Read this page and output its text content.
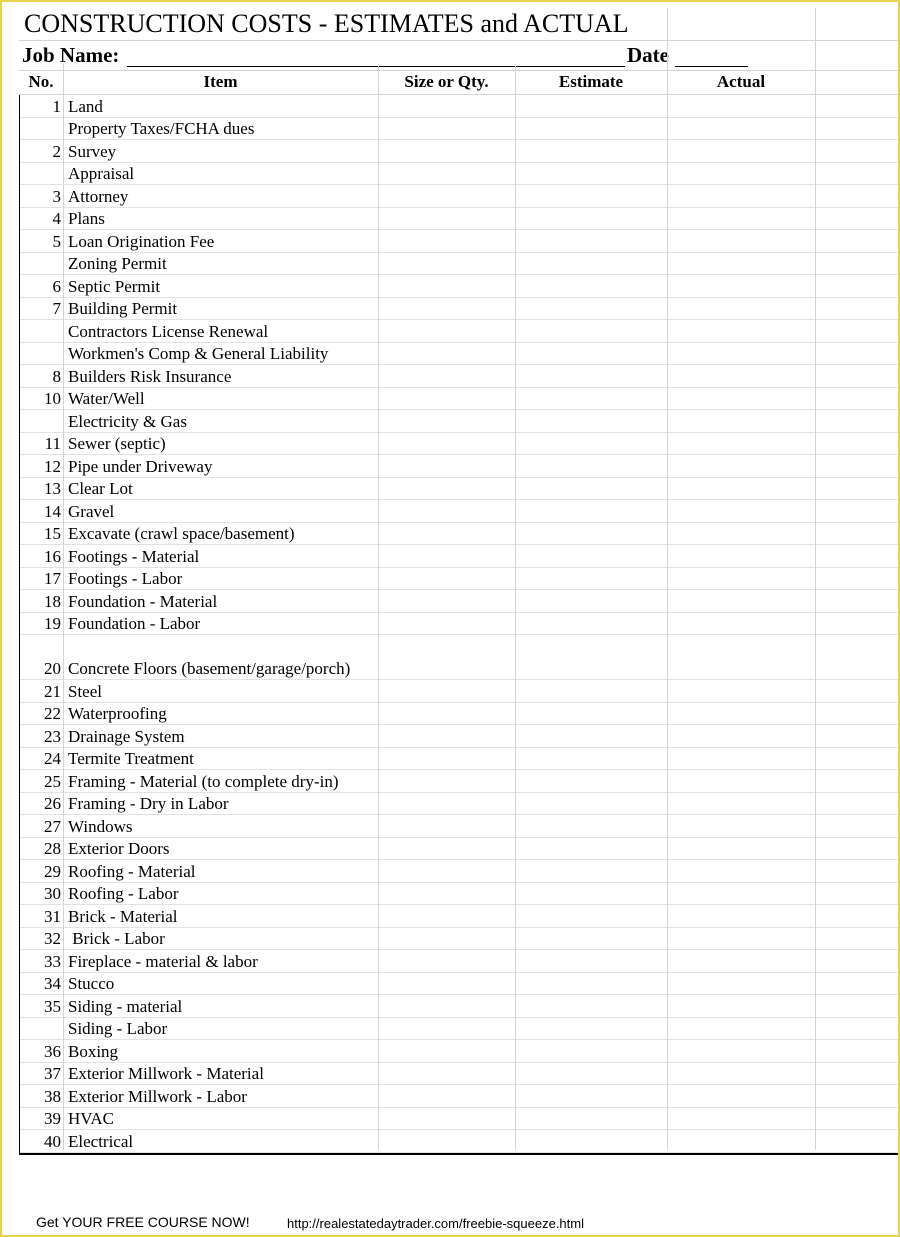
CONSTRUCTION COSTS - ESTIMATES and ACTUAL
Job Name:	Date
No.	Item	Size or Qty.	Estimate	Actual
1 Land
Property Taxes/FCHA dues
2 Survey
Appraisal
3 Attorney
4 Plans
5 Loan Origination Fee
Zoning Permit
6 Septic Permit
7 Building Permit
Contractors License Renewal
Workmen's Comp & General Liability
8 Builders Risk Insurance
10 Water/Well
Electricity & Gas
11 Sewer (septic)
12 Pipe under Driveway
13 Clear Lot
14 Gravel
15 Excavate (crawl space/basement)
16 Footings - Material
17 Footings - Labor
18 Foundation - Material
19 Foundation - Labor
20 Concrete Floors (basement/garage/porch)
21 Steel
22 Waterproofing
23 Drainage System
24 Termite Treatment
25 Framing - Material (to complete dry-in)
26 Framing - Dry in Labor
27 Windows
28 Exterior Doors
29 Roofing - Material
30 Roofing - Labor
31 Brick - Material
32 Brick - Labor
33 Fireplace - material & labor
34 Stucco
35 Siding - material
Siding - Labor
36 Boxing
37 Exterior Millwork - Material
38 Exterior Millwork - Labor
39 HVAC
40 Electrical
Get YOUR FREE COURSE NOW!	http://realestatedaytrader.com/freebie-squeeze.html
